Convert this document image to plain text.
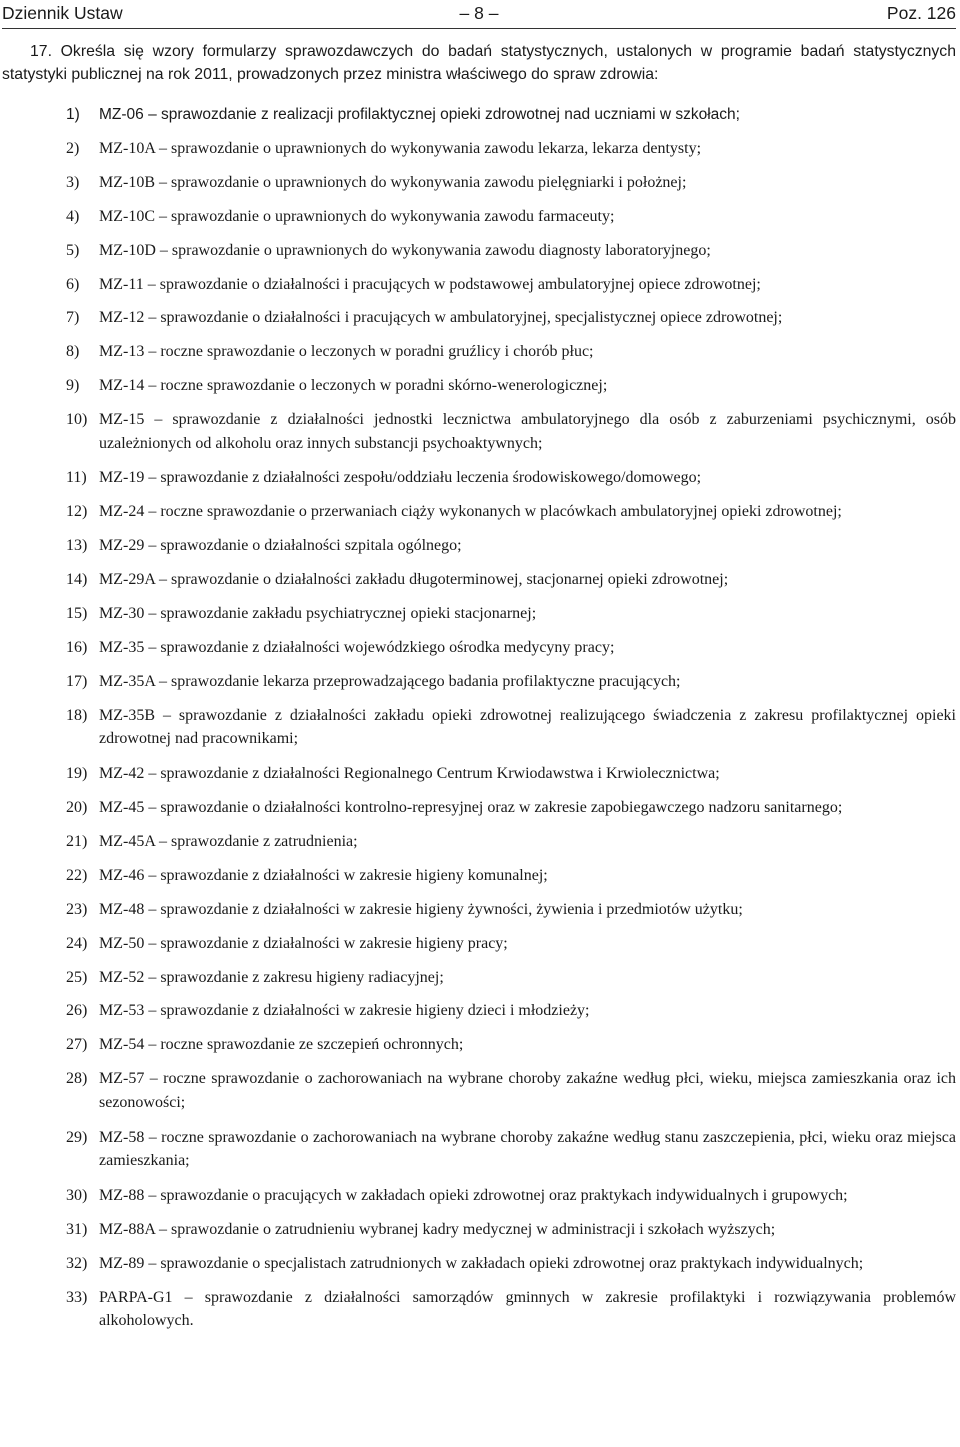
Dziennik Ustaw	– 8 –	Poz. 126

17. Określa się wzory formularzy sprawozdawczych do badań statystycznych, ustalonych w programie badań statystycznych statystyki publicznej na rok 2011, prowadzonych przez ministra właściwego do spraw zdrowia:

1) MZ-06 – sprawozdanie z realizacji profilaktycznej opieki zdrowotnej nad uczniami w szkołach;
2) MZ-10A – sprawozdanie o uprawnionych do wykonywania zawodu lekarza, lekarza dentysty;
3) MZ-10B – sprawozdanie o uprawnionych do wykonywania zawodu pielęgniarki i położnej;
4) MZ-10C – sprawozdanie o uprawnionych do wykonywania zawodu farmaceuty;
5) MZ-10D – sprawozdanie o uprawnionych do wykonywania zawodu diagnosty laboratoryjnego;
6) MZ-11 – sprawozdanie o działalności i pracujących w podstawowej ambulatoryjnej opiece zdrowotnej;
7) MZ-12 – sprawozdanie o działalności i pracujących w ambulatoryjnej, specjalistycznej opiece zdrowotnej;
8) MZ-13 – roczne sprawozdanie o leczonych w poradni gruźlicy i chorób płuc;
9) MZ-14 – roczne sprawozdanie o leczonych w poradni skórno-wenerologicznej;
10) MZ-15 – sprawozdanie z działalności jednostki lecznictwa ambulatoryjnego dla osób z zaburzeniami psychicznymi, osób uzależnionych od alkoholu oraz innych substancji psychoaktywnych;
11) MZ-19 – sprawozdanie z działalności zespołu/oddziału leczenia środowiskowego/domowego;
12) MZ-24 – roczne sprawozdanie o przerwaniach ciąży wykonanych w placówkach ambulatoryjnej opieki zdrowotnej;
13) MZ-29 – sprawozdanie o działalności szpitala ogólnego;
14) MZ-29A – sprawozdanie o działalności zakładu długoterminowej, stacjonarnej opieki zdrowotnej;
15) MZ-30 – sprawozdanie zakładu psychiatrycznej opieki stacjonarnej;
16) MZ-35 – sprawozdanie z działalności wojewódzkiego ośrodka medycyny pracy;
17) MZ-35A – sprawozdanie lekarza przeprowadzającego badania profilaktyczne pracujących;
18) MZ-35B – sprawozdanie z działalności zakładu opieki zdrowotnej realizującego świadczenia z zakresu profilaktycznej opieki zdrowotnej nad pracownikami;
19) MZ-42 – sprawozdanie z działalności Regionalnego Centrum Krwiodawstwa i Krwiolecznictwa;
20) MZ-45 – sprawozdanie o działalności kontrolno-represyjnej oraz w zakresie zapobiegawczego nadzoru sanitarnego;
21) MZ-45A – sprawozdanie z zatrudnienia;
22) MZ-46 – sprawozdanie z działalności w zakresie higieny komunalnej;
23) MZ-48 – sprawozdanie z działalności w zakresie higieny żywności, żywienia i przedmiotów użytku;
24) MZ-50 – sprawozdanie z działalności w zakresie higieny pracy;
25) MZ-52 – sprawozdanie z zakresu higieny radiacyjnej;
26) MZ-53 – sprawozdanie z działalności w zakresie higieny dzieci i młodzieży;
27) MZ-54 – roczne sprawozdanie ze szczepień ochronnych;
28) MZ-57 – roczne sprawozdanie o zachorowaniach na wybrane choroby zakaźne według płci, wieku, miejsca zamieszkania oraz ich sezonowości;
29) MZ-58 – roczne sprawozdanie o zachorowaniach na wybrane choroby zakaźne według stanu zaszczepienia, płci, wieku oraz miejsca zamieszkania;
30) MZ-88 – sprawozdanie o pracujących w zakładach opieki zdrowotnej oraz praktykach indywidualnych i grupowych;
31) MZ-88A – sprawozdanie o zatrudnieniu wybranej kadry medycznej w administracji i szkołach wyższych;
32) MZ-89 – sprawozdanie o specjalistach zatrudnionych w zakładach opieki zdrowotnej oraz praktykach indywidualnych;
33) PARPA-G1 – sprawozdanie z działalności samorządów gminnych w zakresie profilaktyki i rozwiązywania problemów alkoholowych.
